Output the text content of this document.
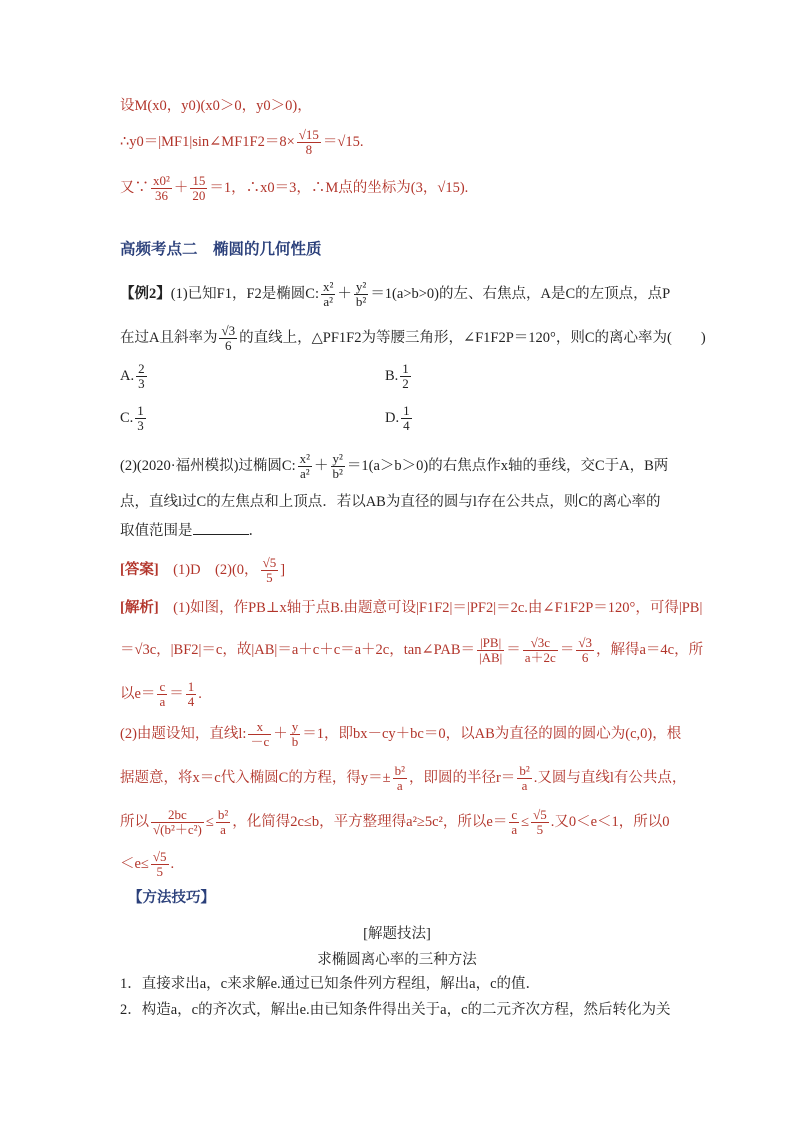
设M(x0，y0)(x0＞0，y0＞0)，
∴y0＝|MF1|sin∠MF1F2＝8× $\frac{√15}{8} =√15$.
又∵ $\frac{\text{x0²}}{36} + \frac{15}{20} =1$，∴x0＝3，∴M点的坐标为(3，√15).
高频考点二　椭圆的几何性质
【例2】(1)已知F1，F2是椭圆C: $\frac{\text{x²}}{\text{a²}} + \frac{\text{y²}}{\text{b²}} =1(a>b>0)$的左、右焦点，A是C的左顶点，点P
在过A且斜率为 $\frac{√3}{6}$ 的直线上，△PF1F2为等腰三角形，∠F1F2P＝120°，则C的离心率为(　　)
A. $\frac{2}{3}$	B. $\frac{1}{2}$
C. $\frac{1}{3}$	D. $\frac{1}{4}$
(2)(2020·福州模拟)过椭圆C: $\frac{\text{x²}}{\text{a²}} + \frac{\text{y²}}{\text{b²}} =1(a>b>0)$的右焦点作x轴的垂线，交C于A，B两
点，直线l过C的左焦点和上顶点．若以AB为直径的圆与l存在公共点，则C的离心率的
取值范围是	．
[答案]　 (1)D　(2)(0， $\frac{√5}{5}$ ]
[解析]　 (1)如图，作PB⊥x轴于点B.由题意可设|F1F2|＝|PF2|＝2c.由∠F1F2P＝120°，可得|PB|
＝√3c，|BF2|＝c，故|AB|＝a＋c＋c＝a＋2c，tan∠PAB＝ $\frac{|PB|}{|AB|} = \frac{√3c}{a+2c} = \frac{√3}{6}$ ，解得a＝4c，所
以$e= \frac{c}{a} = \frac{1}{4}$ .
(2)由题设知，直线l: $\frac{x}{-c} + \frac{y}{b} =1$，即bx－cy＋bc＝0，以AB为直径的圆的圆心为(c,0)，根
据题意，将x＝c代入椭圆C的方程，得$y=\pm \frac{\text{b²}}{a}$ ，即圆的半径$r= \frac{\text{b²}}{a}$ .又圆与直线l有公共点，
所以 $\frac{2bc}{\text{√(b²＋c²)}} \le \frac{\text{b²}}{a}$ ，化简得2c≤b，平方整理得a²≥5c²，所以$e= \frac{c}{a} \le \frac{√5}{5}$ .又0＜e＜1，所以0
$<e\le \frac{√5}{5}$ .
【方法技巧】
[解题技法]
求椭圆离心率的三种方法
1．直接求出a，c来求解e.通过已知条件列方程组，解出a，c的值．
2．构造a，c的齐次式，解出e.由已知条件得出关于a，c的二元齐次方程，然后转化为关
